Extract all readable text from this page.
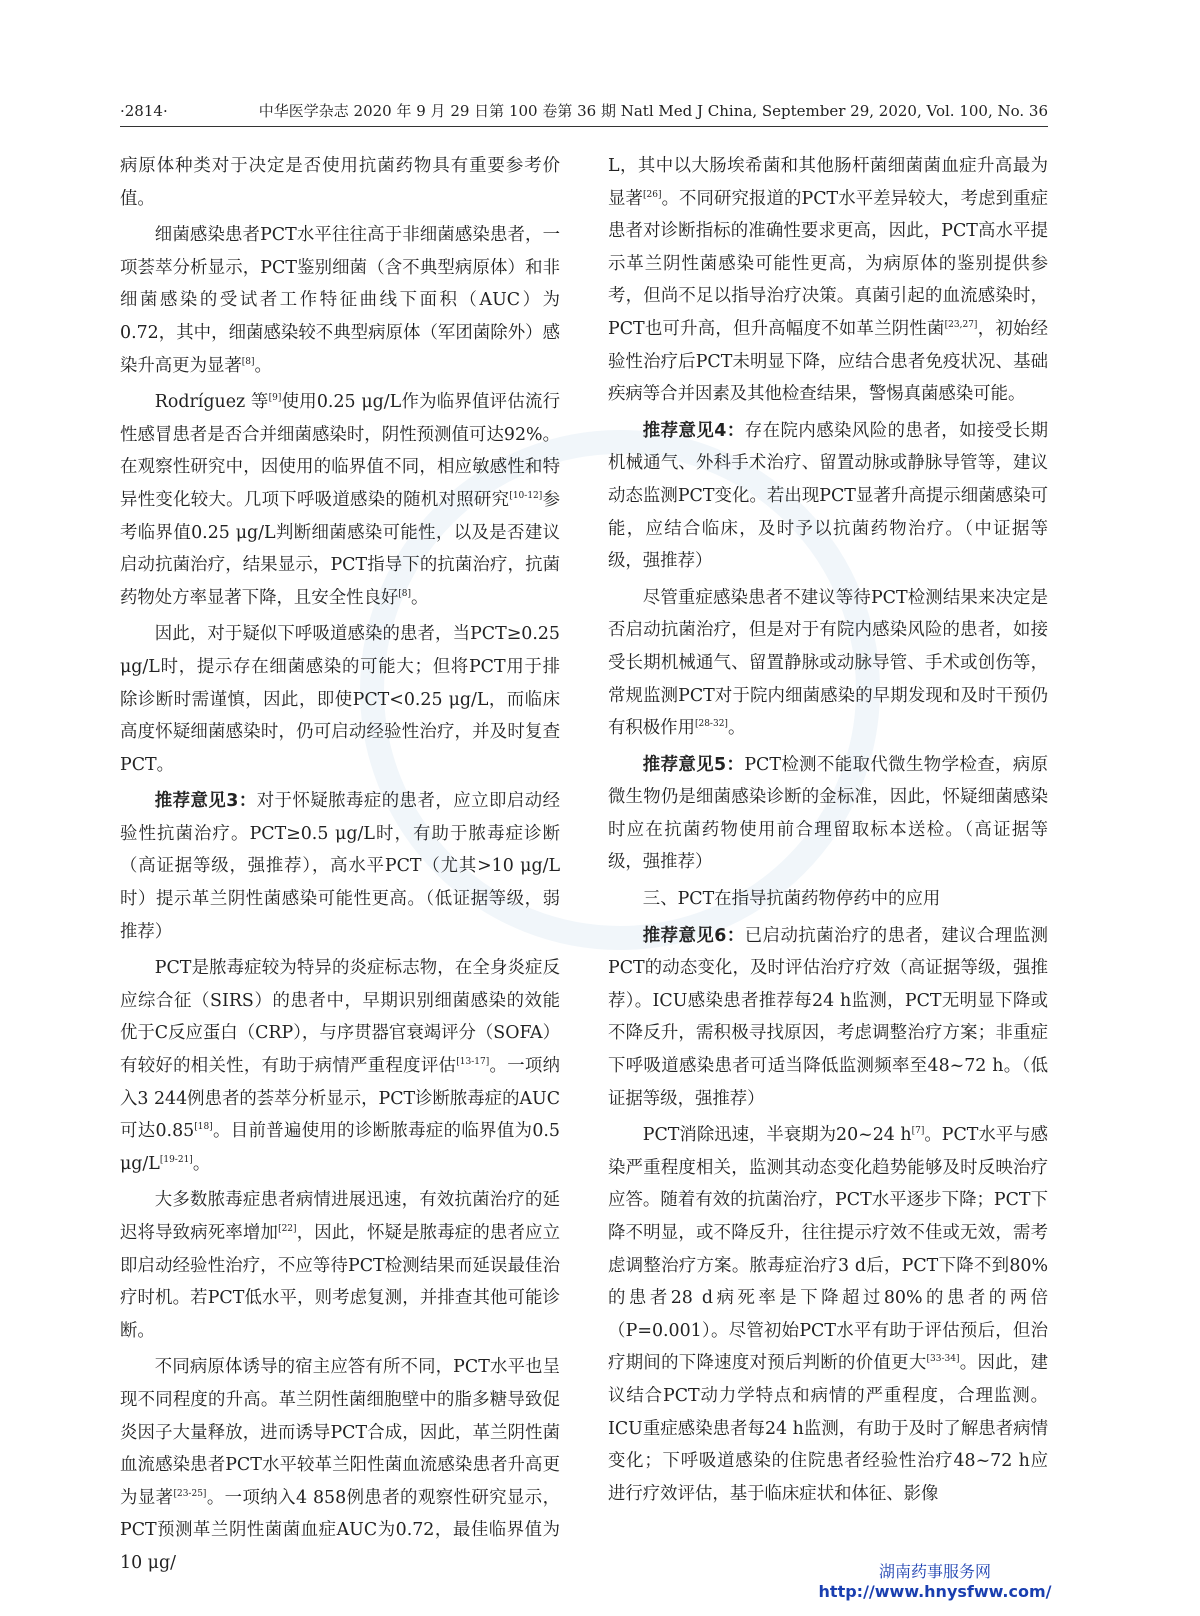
·2814·	中华医学杂志 2020 年 9 月 29 日第 100 卷第 36 期 Natl Med J China, September 29, 2020, Vol. 100, No. 36

病原体种类对于决定是否使用抗菌药物具有重要参考价值。

细菌感染患者PCT水平往往高于非细菌感染患者，一项荟萃分析显示，PCT鉴别细菌（含不典型病原体）和非细菌感染的受试者工作特征曲线下面积（AUC）为0.72，其中，细菌感染较不典型病原体（军团菌除外）感染升高更为显著[8]。

Rodríguez 等[9]使用0.25 μg/L作为临界值评估流行性感冒患者是否合并细菌感染时，阴性预测值可达92%。在观察性研究中，因使用的临界值不同，相应敏感性和特异性变化较大。几项下呼吸道感染的随机对照研究[10-12]参考临界值0.25 μg/L判断细菌感染可能性，以及是否建议启动抗菌治疗，结果显示，PCT指导下的抗菌治疗，抗菌药物处方率显著下降，且安全性良好[8]。

因此，对于疑似下呼吸道感染的患者，当PCT≥0.25 μg/L时，提示存在细菌感染的可能大；但将PCT用于排除诊断时需谨慎，因此，即使PCT<0.25 μg/L，而临床高度怀疑细菌感染时，仍可启动经验性治疗，并及时复查PCT。

推荐意见3：对于怀疑脓毒症的患者，应立即启动经验性抗菌治疗。PCT≥0.5 μg/L时，有助于脓毒症诊断（高证据等级，强推荐），高水平PCT（尤其>10 μg/L时）提示革兰阴性菌感染可能性更高。（低证据等级，弱推荐）

PCT是脓毒症较为特异的炎症标志物，在全身炎症反应综合征（SIRS）的患者中，早期识别细菌感染的效能优于C反应蛋白（CRP），与序贯器官衰竭评分（SOFA）有较好的相关性，有助于病情严重程度评估[13-17]。一项纳入3 244例患者的荟萃分析显示，PCT诊断脓毒症的AUC可达0.85[18]。目前普遍使用的诊断脓毒症的临界值为0.5 μg/L[19-21]。

大多数脓毒症患者病情进展迅速，有效抗菌治疗的延迟将导致病死率增加[22]，因此，怀疑是脓毒症的患者应立即启动经验性治疗，不应等待PCT检测结果而延误最佳治疗时机。若PCT低水平，则考虑复测，并排查其他可能诊断。

不同病原体诱导的宿主应答有所不同，PCT水平也呈现不同程度的升高。革兰阴性菌细胞壁中的脂多糖导致促炎因子大量释放，进而诱导PCT合成，因此，革兰阴性菌血流感染患者PCT水平较革兰阳性菌血流感染患者升高更为显著[23-25]。一项纳入4 858例患者的观察性研究显示，PCT预测革兰阴性菌菌血症AUC为0.72，最佳临界值为10 μg/

L，其中以大肠埃希菌和其他肠杆菌细菌菌血症升高最为显著[26]。不同研究报道的PCT水平差异较大，考虑到重症患者对诊断指标的准确性要求更高，因此，PCT高水平提示革兰阴性菌感染可能性更高，为病原体的鉴别提供参考，但尚不足以指导治疗决策。真菌引起的血流感染时，PCT也可升高，但升高幅度不如革兰阴性菌[23,27]，初始经验性治疗后PCT未明显下降，应结合患者免疫状况、基础疾病等合并因素及其他检查结果，警惕真菌感染可能。

推荐意见4：存在院内感染风险的患者，如接受长期机械通气、外科手术治疗、留置动脉或静脉导管等，建议动态监测PCT变化。若出现PCT显著升高提示细菌感染可能，应结合临床，及时予以抗菌药物治疗。（中证据等级，强推荐）

尽管重症感染患者不建议等待PCT检测结果来决定是否启动抗菌治疗，但是对于有院内感染风险的患者，如接受长期机械通气、留置静脉或动脉导管、手术或创伤等，常规监测PCT对于院内细菌感染的早期发现和及时干预仍有积极作用[28-32]。

推荐意见5：PCT检测不能取代微生物学检查，病原微生物仍是细菌感染诊断的金标准，因此，怀疑细菌感染时应在抗菌药物使用前合理留取标本送检。（高证据等级，强推荐）

三、PCT在指导抗菌药物停药中的应用

推荐意见6：已启动抗菌治疗的患者，建议合理监测PCT的动态变化，及时评估治疗疗效（高证据等级，强推荐）。ICU感染患者推荐每24 h监测，PCT无明显下降或不降反升，需积极寻找原因，考虑调整治疗方案；非重症下呼吸道感染患者可适当降低监测频率至48~72 h。（低证据等级，强推荐）

PCT消除迅速，半衰期为20~24 h[7]。PCT水平与感染严重程度相关，监测其动态变化趋势能够及时反映治疗应答。随着有效的抗菌治疗，PCT水平逐步下降；PCT下降不明显，或不降反升，往往提示疗效不佳或无效，需考虑调整治疗方案。脓毒症治疗3 d后，PCT下降不到80%的患者28 d病死率是下降超过80%的患者的两倍（P=0.001）。尽管初始PCT水平有助于评估预后，但治疗期间的下降速度对预后判断的价值更大[33-34]。因此，建议结合PCT动力学特点和病情的严重程度，合理监测。ICU重症感染患者每24 h监测，有助于及时了解患者病情变化；下呼吸道感染的住院患者经验性治疗48~72 h应进行疗效评估，基于临床症状和体征、影像

湖南药事服务网
http://www.hnysfww.com/
